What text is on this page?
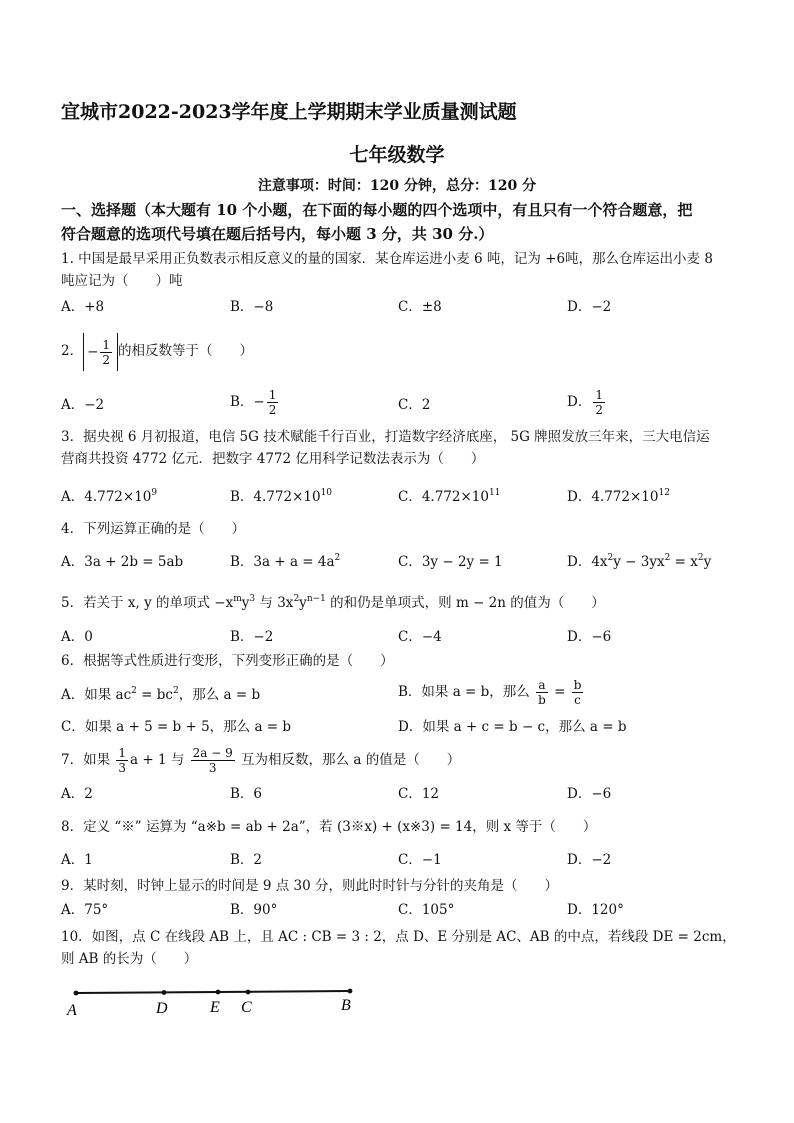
宜城市2022-2023学年度上学期期末学业质量测试题
七年级数学
注意事项：时间：120 分钟，总分：120 分
一、选择题（本大题有 10 个小题，在下面的每小题的四个选项中，有且只有一个符合题意，把
符合题意的选项代号填在题后括号内，每小题 3 分，共 30 分.）
1. 中国是最早采用正负数表示相反意义的量的国家．某仓库运进小麦 6 吨，记为 +6吨，那么仓库运出小麦 8
吨应记为（　　）吨
A．+8	B．−8	C．±8	D．−2
2． − $\frac{1}{2}$ 的相反数等于（　　）
A．−2	B．− $\frac{1}{2}$	C．2	D． $\frac{1}{2}$
3．据央视 6 月初报道，电信 5G 技术赋能千行百业，打造数字经济底座， 5G 牌照发放三年来，三大电信运
营商共投资 4772 亿元．把数字 4772 亿用科学记数法表示为（　　）
A．$4.772\times 10^9$	B．$4.772\times 10^{10}$	C．$4.772\times 10^{11}$	D．$4.772\times 10^{12}$
4．下列运算正确的是（　　）
A．3a + 2b = 5ab	B．$3a + a = 4a^2$	C．3y − 2y = 1	D．$4x^2y - 3yx^2 = x^2y$
5．若关于 x, y 的单项式 $-x^my^3$ 与 $3x^2y^{n-1}$ 的和仍是单项式，则 m − 2n 的值为（　　）
A．0	B．−2	C．−4	D．−6
6．根据等式性质进行变形，下列变形正确的是（　　）
A．如果 $ac^2 = bc^2$，那么 a = b	B．如果 a = b，那么 $\frac{a}{b} = \frac{b}{c}$
C．如果 a + 5 = b + 5，那么 a = b	D．如果 a + c = b − c，那么 a = b
7．如果 $\frac{1}{3}$ a + 1 与 $\frac{2a - 9}{3}$ 互为相反数，那么 a 的值是（　　）
A．2	B．6	C．12	D．−6
8．定义 “※” 运算为 “a※b = ab + 2a”，若 (3※x) + (x※3) = 14，则 x 等于（　　）
A．1	B．2	C．−1	D．−2
9．某时刻，时钟上显示的时间是 9 点 30 分，则此时时针与分针的夹角是（　　）
A．75°	B．90°	C．105°	D．120°
10．如图，点 C 在线段 AB 上，且 AC : CB = 3 : 2，点 D、E 分别是 AC、AB 的中点，若线段 DE = 2cm，
则 AB 的长为（　　）
A	D	E C	B
